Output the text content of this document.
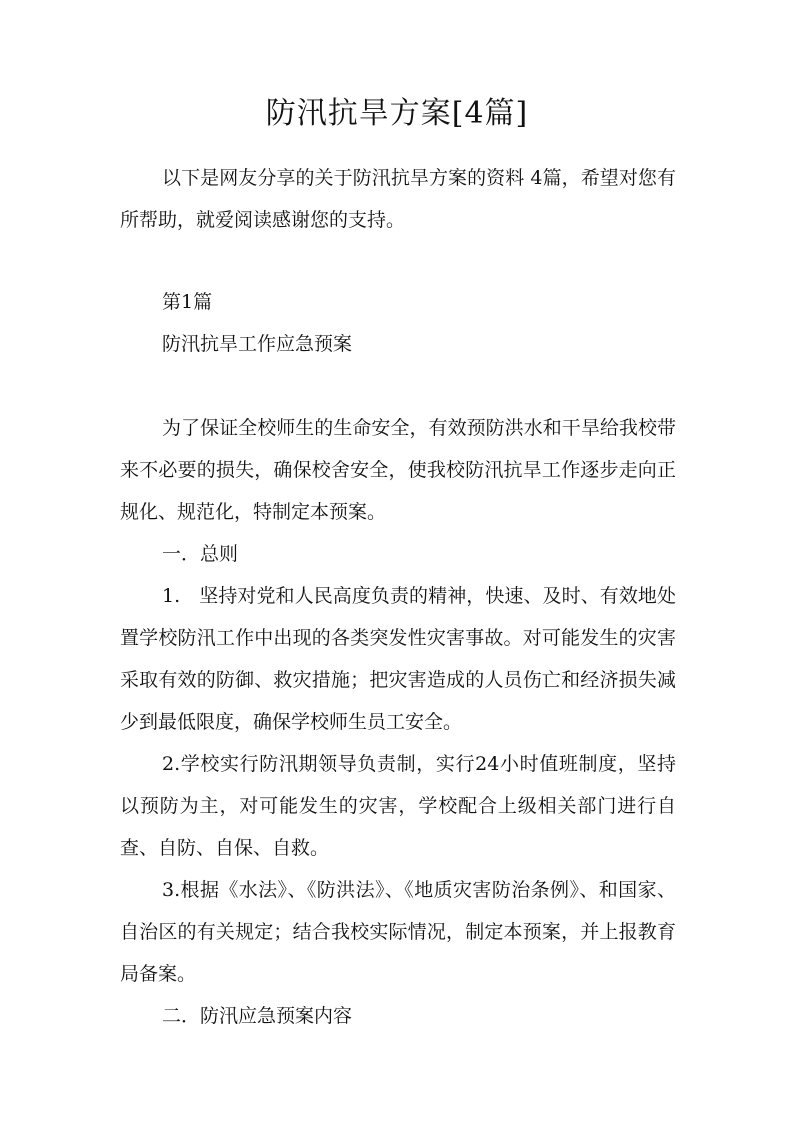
防汛抗旱方案[4篇]
以下是网友分享的关于防汛抗旱方案的资料 4篇，希望对您有所帮助，就爱阅读感谢您的支持。
第1篇
防汛抗旱工作应急预案
为了保证全校师生的生命安全，有效预防洪水和干旱给我校带来不必要的损失，确保校舍安全，使我校防汛抗旱工作逐步走向正规化、规范化，特制定本预案。
一．总则
1.　坚持对党和人民高度负责的精神，快速、及时、有效地处置学校防汛工作中出现的各类突发性灾害事故。对可能发生的灾害采取有效的防御、救灾措施；把灾害造成的人员伤亡和经济损失减少到最低限度，确保学校师生员工安全。
2.学校实行防汛期领导负责制，实行24小时值班制度，坚持以预防为主，对可能发生的灾害，学校配合上级相关部门进行自查、自防、自保、自救。
3.根据《水法》、《防洪法》、《地质灾害防治条例》、和国家、自治区的有关规定；结合我校实际情况，制定本预案，并上报教育局备案。
二．防汛应急预案内容
